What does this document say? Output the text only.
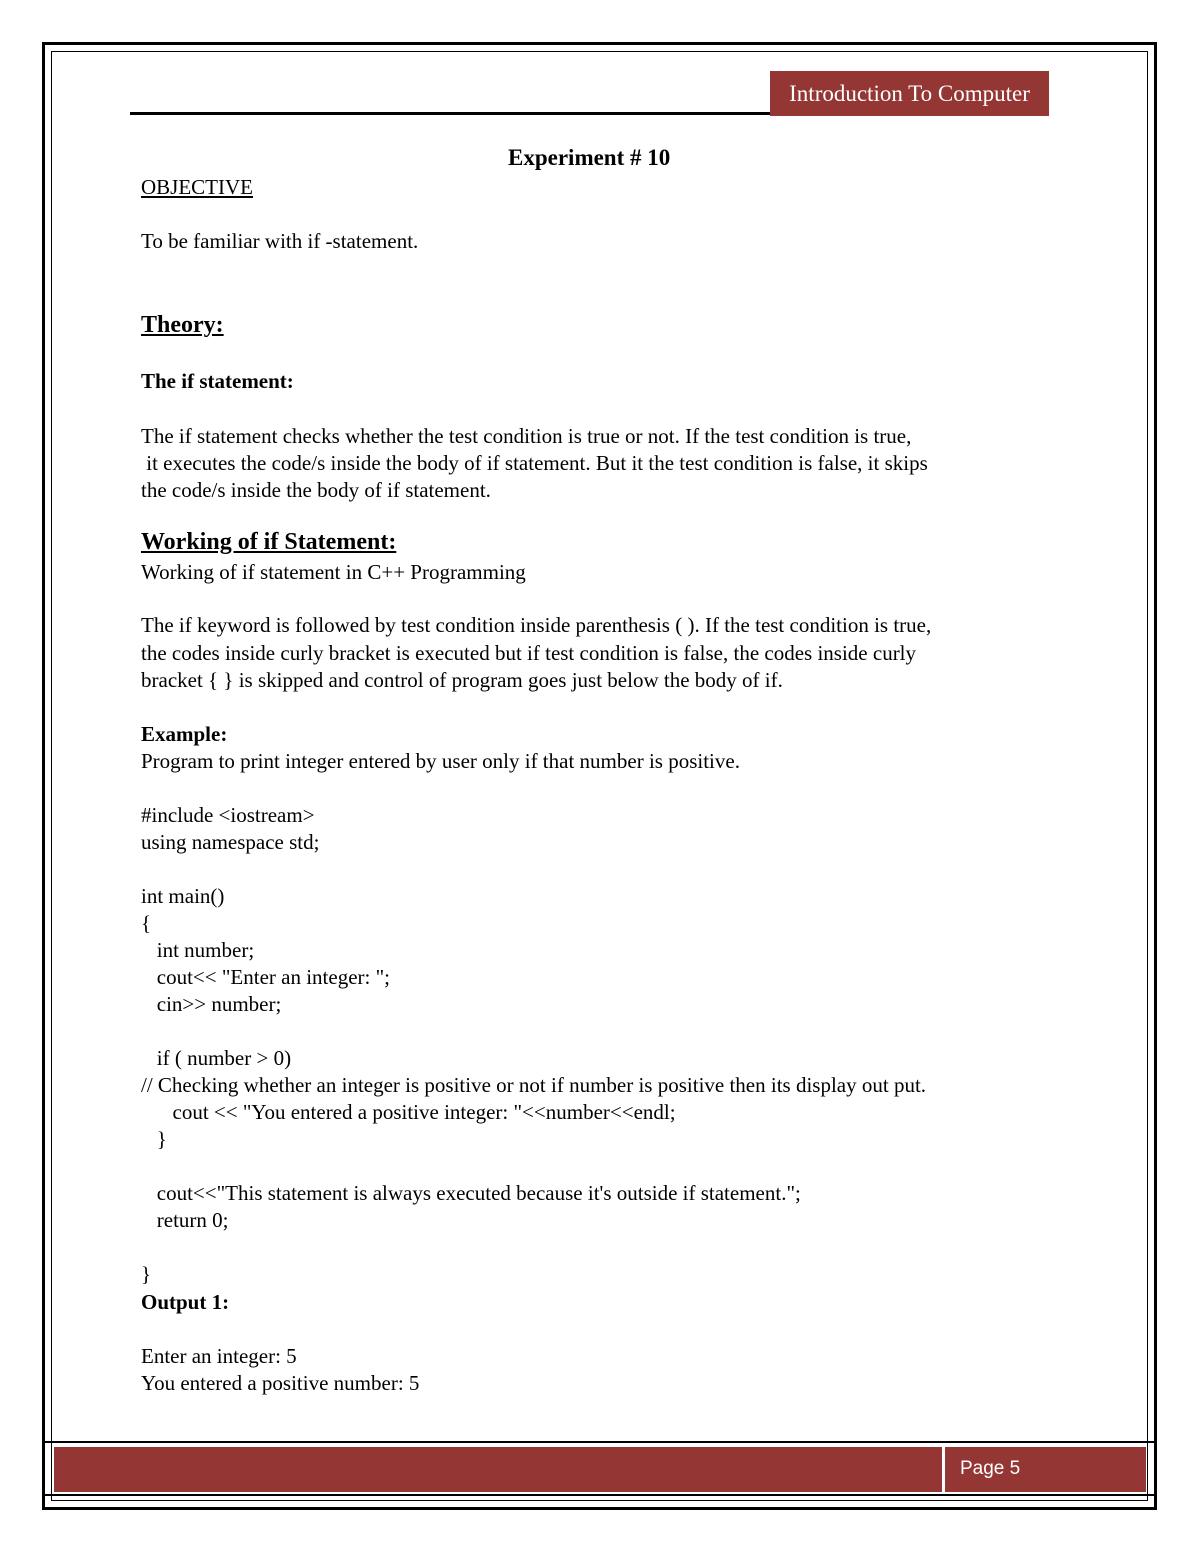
Introduction To Computer
Experiment # 10
OBJECTIVE
To be familiar with if -statement.
Theory:
The if statement:
The if statement checks whether the test condition is true or not. If the test condition is true,
it executes the code/s inside the body of if statement. But it the test condition is false, it skips
the code/s inside the body of if statement.
Working of if Statement:
Working of if statement in C++ Programming
The if keyword is followed by test condition inside parenthesis ( ). If the test condition is true,
the codes inside curly bracket is executed but if test condition is false, the codes inside curly
bracket { } is skipped and control of program goes just below the body of if.
Example:
Program to print integer entered by user only if that number is positive.
#include <iostream>
using namespace std;
int main()
{
int number;
cout<< "Enter an integer: ";
cin>> number;
if ( number > 0)
// Checking whether an integer is positive or not if number is positive then its display out put.
cout << "You entered a positive integer: "<<number<<endl;
}
cout<<"This statement is always executed because it's outside if statement.";
return 0;
}
Output 1:
Enter an integer: 5
You entered a positive number: 5
Page 5
